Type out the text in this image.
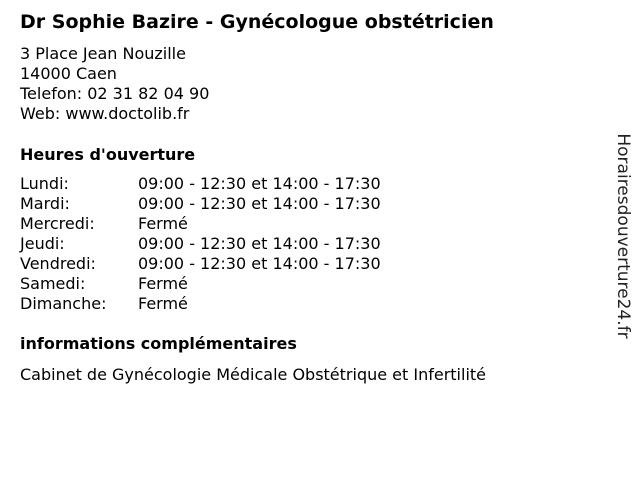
Dr Sophie Bazire - Gynécologue obstétricien
3 Place Jean Nouzille
14000 Caen
Telefon: 02 31 82 04 90
Web: www.doctolib.fr
Heures d'ouverture
Lundi:	09:00 - 12:30 et 14:00 - 17:30
Mardi:	09:00 - 12:30 et 14:00 - 17:30
Mercredi:	Fermé
Jeudi:	09:00 - 12:30 et 14:00 - 17:30
Vendredi:	09:00 - 12:30 et 14:00 - 17:30
Samedi:	Fermé
Dimanche: Fermé
informations complémentaires
Cabinet de Gynécologie Médicale Obstétrique et Infertilité
Horairesdouverture24.fr
